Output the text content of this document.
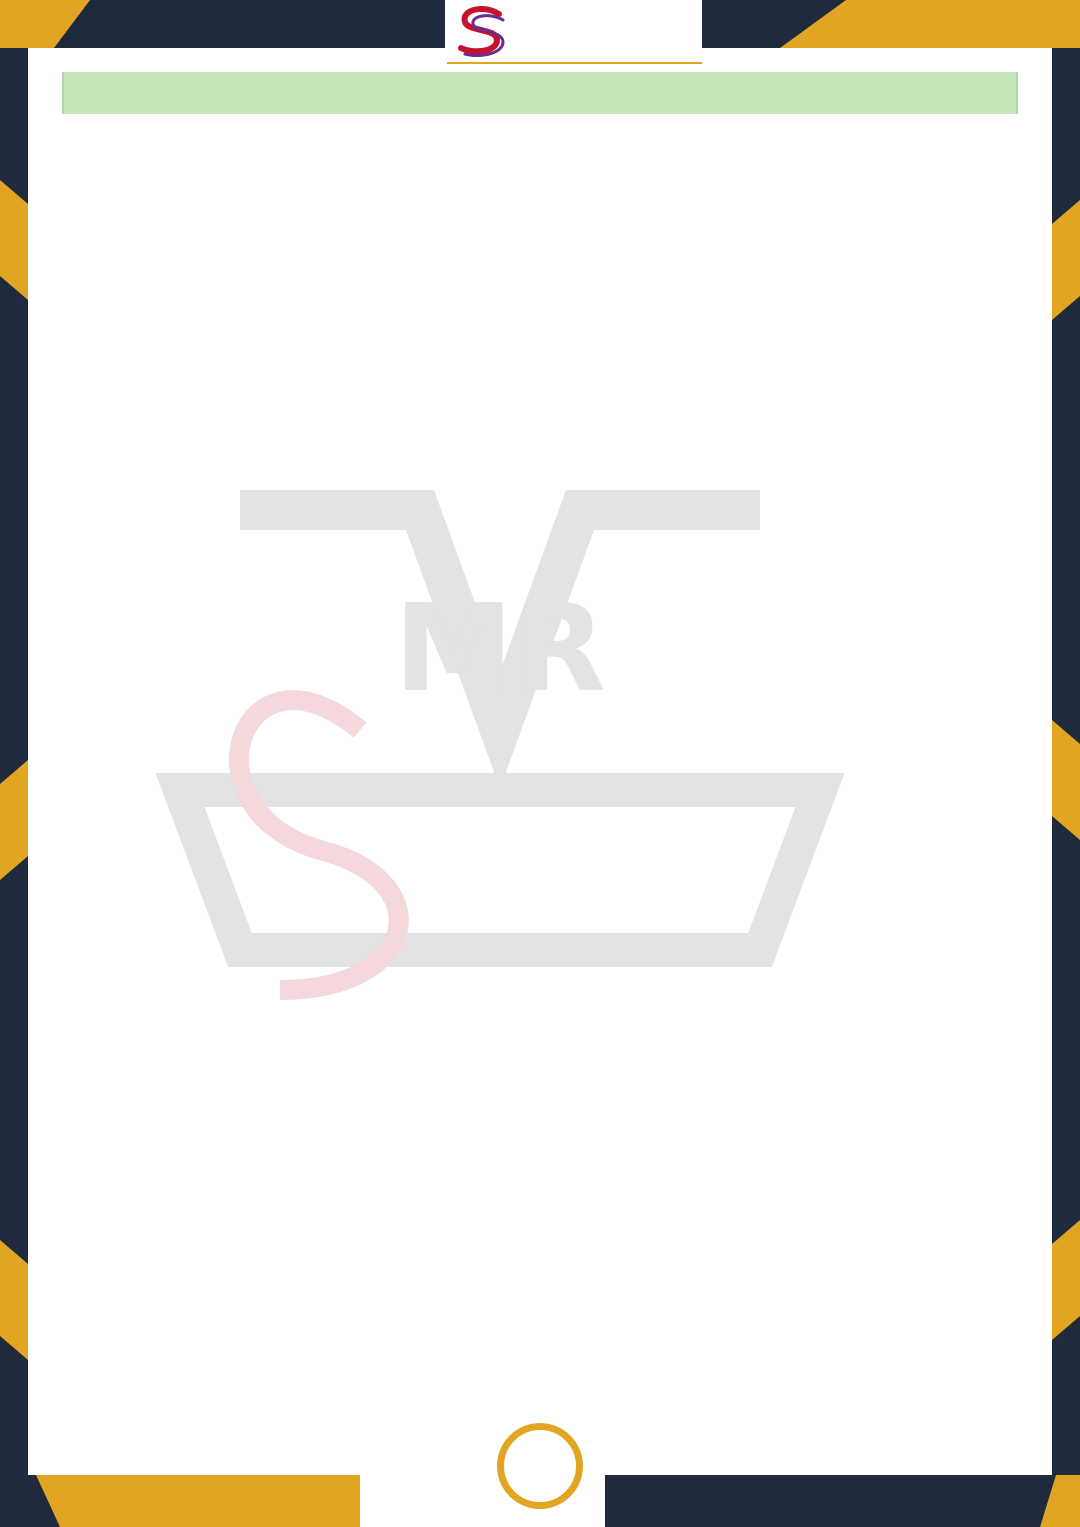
MR
